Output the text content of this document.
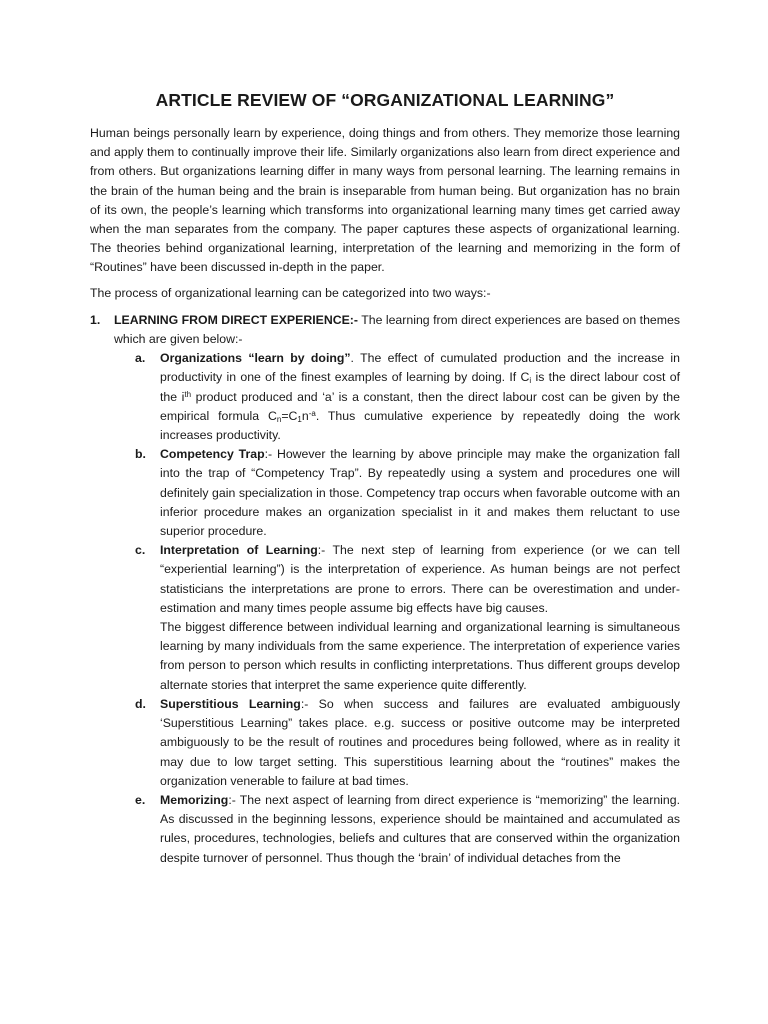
ARTICLE REVIEW OF “ORGANIZATIONAL LEARNING”

Human beings personally learn by experience, doing things and from others. They memorize those learning and apply them to continually improve their life. Similarly organizations also learn from direct experience and from others. But organizations learning differ in many ways from personal learning. The learning remains in the brain of the human being and the brain is inseparable from human being. But organization has no brain of its own, the people’s learning which transforms into organizational learning many times get carried away when the man separates from the company. The paper captures these aspects of organizational learning. The theories behind organizational learning, interpretation of the learning and memorizing in the form of “Routines” have been discussed in-depth in the paper.

The process of organizational learning can be categorized into two ways:-

1. LEARNING FROM DIRECT EXPERIENCE:- The learning from direct experiences are based on themes which are given below:-
a. Organizations “learn by doing”. The effect of cumulated production and the increase in productivity in one of the finest examples of learning by doing. If $C_i$ is the direct labour cost of the $i^{th}$ product produced and ‘a’ is a constant, then the direct labour cost can be given by the empirical formula $C_n=C_1n^{-a}$. Thus cumulative experience by repeatedly doing the work increases productivity.
b. Competency Trap:- However the learning by above principle may make the organization fall into the trap of “Competency Trap”. By repeatedly using a system and procedures one will definitely gain specialization in those. Competency trap occurs when favorable outcome with an inferior procedure makes an organization specialist in it and makes them reluctant to use superior procedure.
c. Interpretation of Learning:- The next step of learning from experience (or we can tell “experiential learning”) is the interpretation of experience. As human beings are not perfect statisticians the interpretations are prone to errors. There can be overestimation and under-estimation and many times people assume big effects have big causes.

The biggest difference between individual learning and organizational learning is simultaneous learning by many individuals from the same experience. The interpretation of experience varies from person to person which results in conflicting interpretations. Thus different groups develop alternate stories that interpret the same experience quite differently.

d. Superstitious Learning:- So when success and failures are evaluated ambiguously ‘Superstitious Learning” takes place. e.g. success or positive outcome may be interpreted ambiguously to be the result of routines and procedures being followed, where as in reality it may due to low target setting. This superstitious learning about the “routines” makes the organization venerable to failure at bad times.
e. Memorizing:- The next aspect of learning from direct experience is “memorizing” the learning. As discussed in the beginning lessons, experience should be maintained and accumulated as rules, procedures, technologies, beliefs and cultures that are conserved within the organization despite turnover of personnel. Thus though the ‘brain’ of individual detaches from the
